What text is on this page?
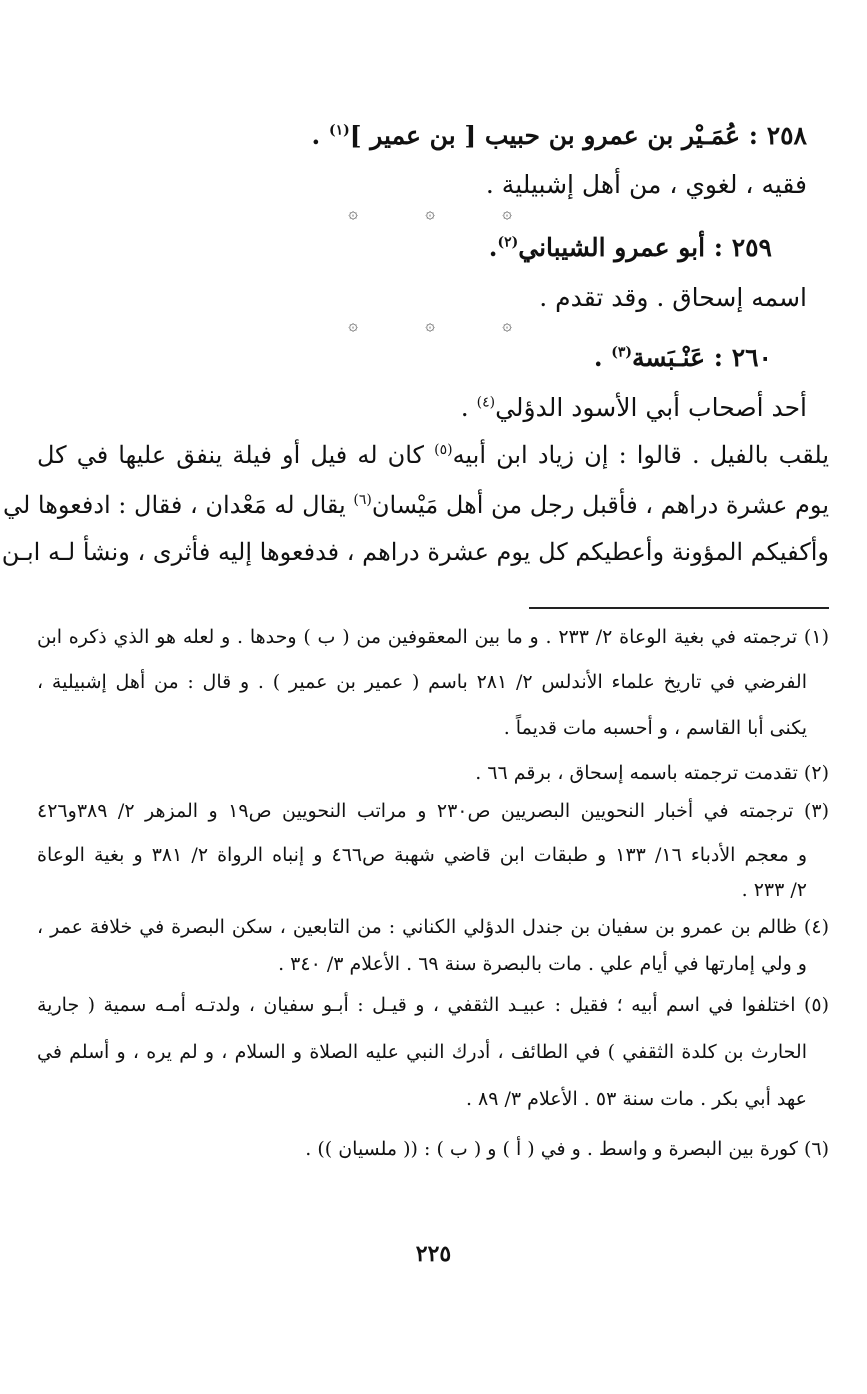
٢٥٨ : عُمَـيْر بن عمرو بن حبيب [ بن عمير ]$^{(١)}$ .
فقيه ، لغوي ، من أهل إشبيلية .
۞	۞	۞
٢٥٩ : أبو عمرو الشيباني$^{(٢)}$.
اسمه إسحاق . وقد تقدم .
۞	۞	۞
٢٦٠ : عَنْـبَسة$^{(٣)}$ .
أحد أصحاب أبي الأسود الدؤلي$^{(٤)}$ .
يلقب بالفيل . قالوا : إن زياد ابن أبيه$^{(٥)}$ كان له فيل أو فيلة ينفق عليها في كل
يوم عشرة دراهم ، فأقبل رجل من أهل مَيْسان$^{(٦)}$ يقال له مَعْدان ، فقال : ادفعوها لي
وأكفيكم المؤونة وأعطيكم كل يوم عشرة دراهم ، فدفعوها إليه فأثرى ، ونشأ لـه ابـن
(١) ترجمته في بغية الوعاة ٢/ ٢٣٣ . و ما بين المعقوفين من ( ب ) وحدها . و لعله هو الذي ذكره ابن
الفرضي في تاريخ علماء الأندلس ٢/ ٢٨١ باسم ( عمير بن عمير ) . و قال : من أهل إشبيلية ،
يكنى أبا القاسم ، و أحسبه مات قديماً .
(٢) تقدمت ترجمته باسمه إسحاق ، برقم ٦٦ .
(٣) ترجمته في أخبار النحويين البصريين ص٢٣٠ و مراتب النحويين ص١٩ و المزهر ٢/ ٣٨٩و٤٢٦
و معجم الأدباء ١٦/ ١٣٣ و طبقات ابن قاضي شهبة ص٤٦٦ و إنباه الرواة ٢/ ٣٨١ و بغية الوعاة
٢/ ٢٣٣ .
(٤) ظالم بن عمرو بن سفيان بن جندل الدؤلي الكناني : من التابعين ، سكن البصرة في خلافة عمر ،
و ولي إمارتها في أيام علي . مات بالبصرة سنة ٦٩ . الأعلام ٣/ ٣٤٠ .
(٥) اختلفوا في اسم أبيه ؛ فقيل : عبيـد الثقفي ، و قيـل : أبـو سفيان ، ولدتـه أمـه سمية ( جارية
الحارث بن كلدة الثقفي ) في الطائف ، أدرك النبي عليه الصلاة و السلام ، و لم يره ، و أسلم في
عهد أبي بكر . مات سنة ٥٣ . الأعلام ٣/ ٨٩ .
(٦) كورة بين البصرة و واسط . و في ( أ ) و ( ب ) : (( ملسيان )) .
٢٢٥
